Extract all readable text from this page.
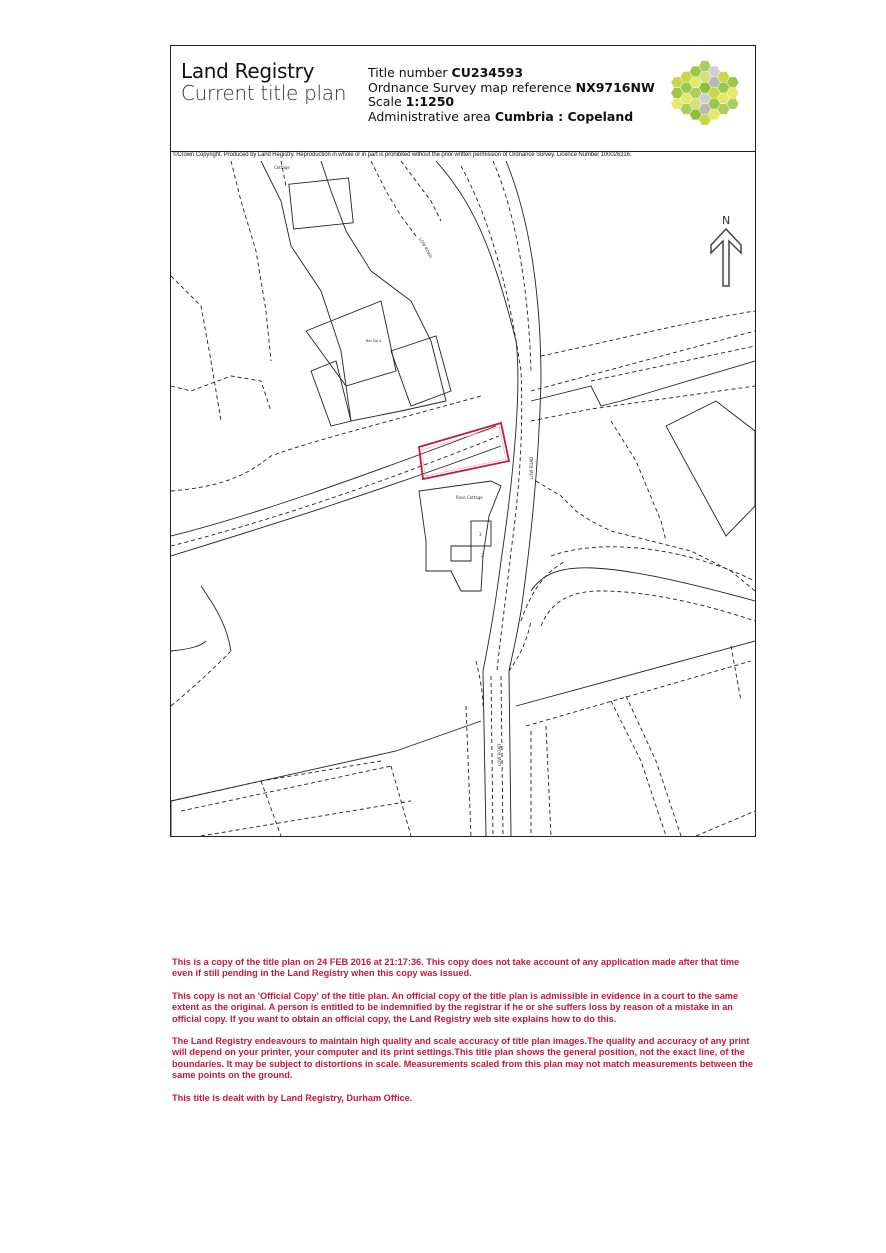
Land Registry
Current title plan
Title number CU234593
Ordnance Survey map reference NX9716NW
Scale 1:1250
Administrative area Cumbria : Copeland
©Crown Copyright. Produced by Land Registry. Reproduction in whole or in part is prohibited without the prior written permission of Ordnance Survey. Licence Number 100026316.
N
Cottage
LOW ROAD
LOW ROAD
LOW ROAD
Rose Cottage
Ber No 4
3
2

This is a copy of the title plan on 24 FEB 2016 at 21:17:36. This copy does not take account of any application made after that time even if still pending in the Land Registry when this copy was issued.

This copy is not an 'Official Copy' of the title plan. An official copy of the title plan is admissible in evidence in a court to the same extent as the original. A person is entitled to be indemnified by the registrar if he or she suffers loss by reason of a mistake in an official copy. If you want to obtain an official copy, the Land Registry web site explains how to do this.

The Land Registry endeavours to maintain high quality and scale accuracy of title plan images.The quality and accuracy of any print will depend on your printer, your computer and its print settings.This title plan shows the general position, not the exact line, of the boundaries. It may be subject to distortions in scale. Measurements scaled from this plan may not match measurements between the same points on the ground.

This title is dealt with by Land Registry, Durham Office.
